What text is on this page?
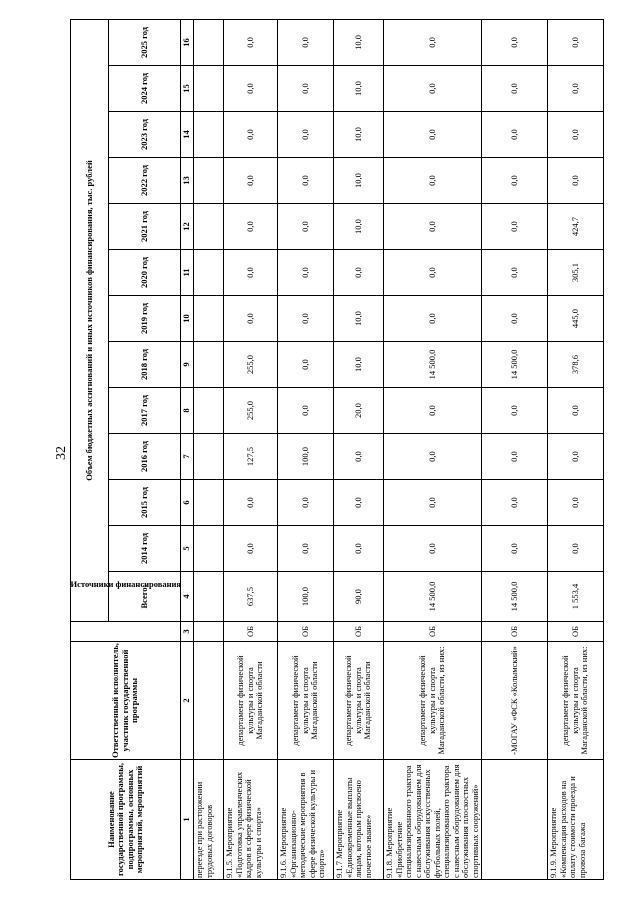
32
Наименование государственной программы, подпрограммы, основных мероприятий, мероприятий	Ответственный исполнитель, участник государственной программы	Источники финансирования	Объем бюджетных ассигнований и иных источников финансирования, тыс. рублей												
			Всего:	2014 год	2015 год	2016 год	2017 год	2018 год	2019 год	2020 год	2021 год	2022 год	2023 год	2024 год	2025 год
1	2	3	4	5	6	7	8	9	10	11	12	13	14	15	16
переезде при расторжении трудовых договоров															
9.1.5. Мероприятие «Подготовка управленческих кадров в сфере физической культуры и спорта»	департамент физической культуры и спорта Магаданской области	ОБ	637,5	0,0	0,0	127,5	255,0	255,0	0,0	0,0	0,0	0,0	0,0	0,0	0,0
9.1.6. Мероприятие «Организационно-методические мероприятия в сфере физической культуры и спорта»	департамент физической культуры и спорта Магаданской области	ОБ	100,0	0,0	0,0	100,0	0,0	0,0	0,0	0,0	0,0	0,0	0,0	0,0	0,0
9.1.7 Мероприятие «Единовременные выплаты лицам, которым присвоено почетное звание»	департамент физической культуры и спорта Магаданской области	ОБ	90,0	0,0	0,0	0,0	20,0	10,0	10,0	0,0	10,0	10,0	10,0	10,0	10,0
9.1.8. Мероприятие «Приобретение специализированного трактора с навесным оборудованием для обслуживания искусственных футбольных полей, специализированного трактора с навесным оборудованием для обслуживания плоскостных спортивных сооружений»	департамент физической культуры и спорта Магаданской области, из них:	ОБ	14 500,0	0,0	0,0	0,0	0,0	14 500,0	0,0	0,0	0,0	0,0	0,0	0,0	0,0
	-МОГАУ «ФСК «Колымский»	ОБ	14 500,0	0,0	0,0	0,0	0,0	14 500,0	0,0	0,0	0,0	0,0	0,0	0,0	0,0
9.1.9. Мероприятие «Компенсация расходов на оплату стоимости проезда и провоза багажа	департамент физической культуры и спорта Магаданской области, из них:	ОБ	1 553,4	0,0	0,0	0,0	0,0	378,6	445,0	305,1	424,7	0,0	0,0	0,0	0,0
